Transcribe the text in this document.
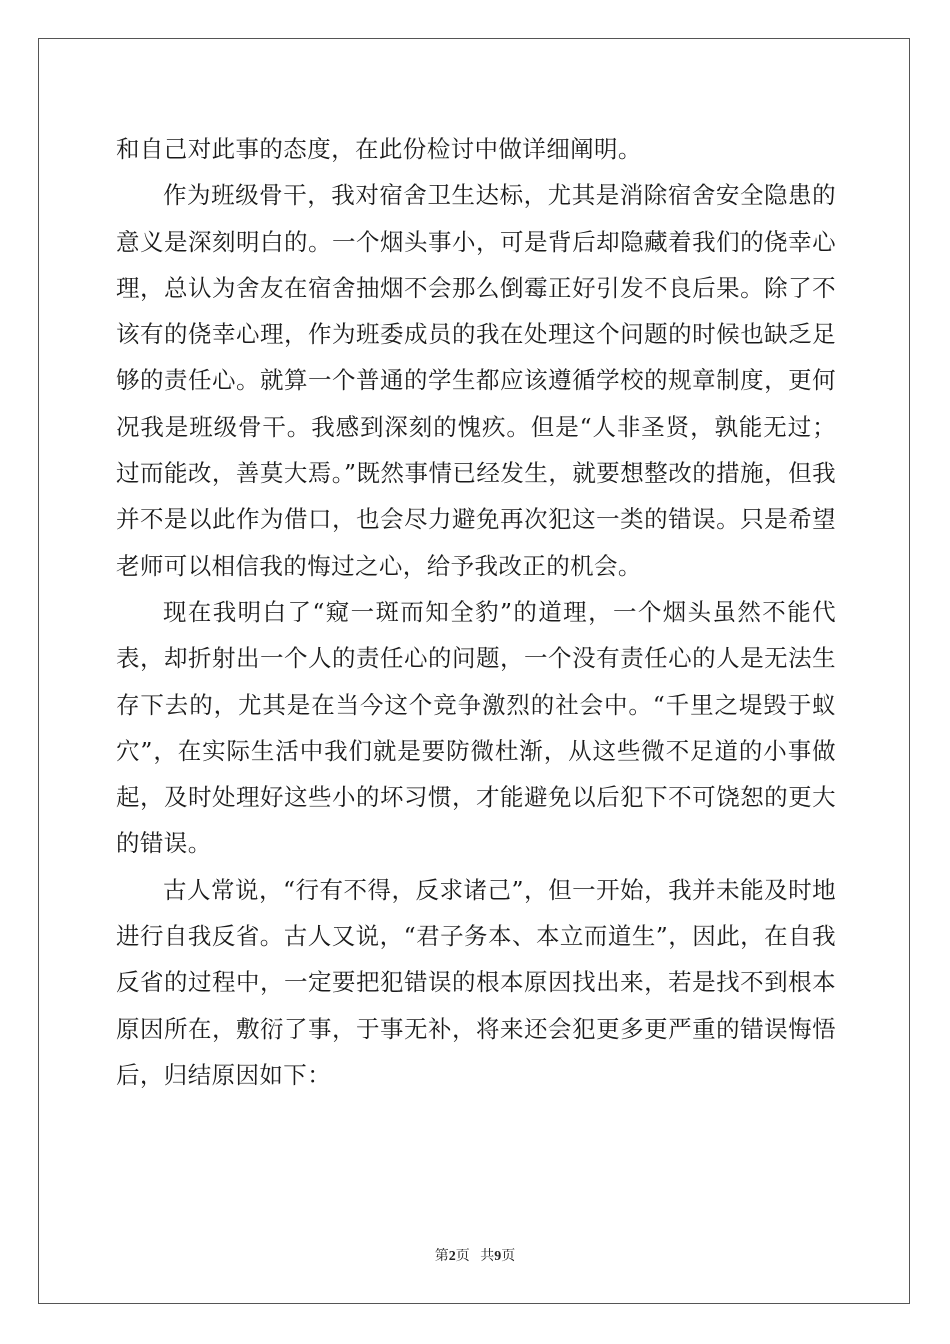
和自己对此事的态度，在此份检讨中做详细阐明。

作为班级骨干，我对宿舍卫生达标，尤其是消除宿舍安全隐患的意义是深刻明白的。一个烟头事小，可是背后却隐藏着我们的侥幸心理，总认为舍友在宿舍抽烟不会那么倒霉正好引发不良后果。除了不该有的侥幸心理，作为班委成员的我在处理这个问题的时候也缺乏足够的责任心。就算一个普通的学生都应该遵循学校的规章制度，更何况我是班级骨干。我感到深刻的愧疚。但是“人非圣贤，孰能无过；过而能改，善莫大焉。”既然事情已经发生，就要想整改的措施，但我并不是以此作为借口，也会尽力避免再次犯这一类的错误。只是希望老师可以相信我的悔过之心，给予我改正的机会。

现在我明白了“窥一斑而知全豹”的道理，一个烟头虽然不能代表，却折射出一个人的责任心的问题，一个没有责任心的人是无法生存下去的，尤其是在当今这个竞争激烈的社会中。“千里之堤毁于蚁穴”，在实际生活中我们就是要防微杜渐，从这些微不足道的小事做起，及时处理好这些小的坏习惯，才能避免以后犯下不可饶恕的更大的错误。

古人常说，“行有不得，反求诸己”，但一开始，我并未能及时地进行自我反省。古人又说，“君子务本、本立而道生”，因此，在自我反省的过程中，一定要把犯错误的根本原因找出来，若是找不到根本原因所在，敷衍了事，于事无补，将来还会犯更多更严重的错误悔悟后，归结原因如下：

第2页 共9页
